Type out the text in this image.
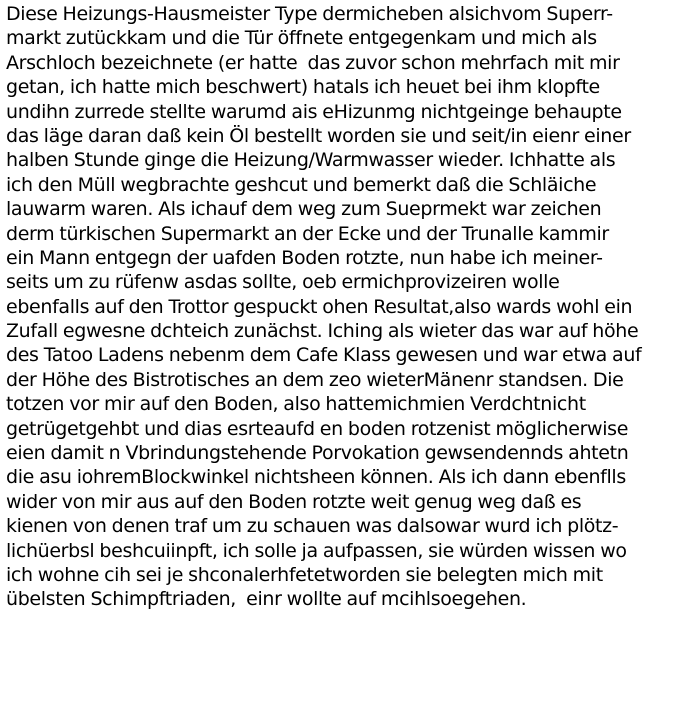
Diese Heizungs-Hausmeister Type dermicheben alsichvom Superr-
markt zutückkam und die Tür öffnete entgegenkam und mich als
Arschloch bezeichnete (er hatte  das zuvor schon mehrfach mit mir
getan, ich hatte mich beschwert) hatals ich heuet bei ihm klopfte
undihn zurrede stellte warumd ais eHizunmg nichtgeinge behaupte
das läge daran daß kein Öl bestellt worden sie und seit/in eienr einer
halben Stunde ginge die Heizung/Warmwasser wieder. Ichhatte als
ich den Müll wegbrachte geshcut und bemerkt daß die Schläiche
lauwarm waren. Als ichauf dem weg zum Sueprmekt war zeichen
derm türkischen Supermarkt an der Ecke und der Trunalle kammir
ein Mann entgegn der uafden Boden rotzte, nun habe ich meiner-
seits um zu rüfenw asdas sollte, oeb ermichprovizeiren wolle
ebenfalls auf den Trottor gespuckt ohen Resultat,also wards wohl ein
Zufall egwesne dchteich zunächst. Iching als wieter das war auf höhe
des Tatoo Ladens nebenm dem Cafe Klass gewesen und war etwa auf
der Höhe des Bistrotisches an dem zeo wieterMänenr standsen. Die
totzen vor mir auf den Boden, also hattemichmien Verdchtnicht
getrügetgehbt und dias esrteaufd en boden rotzenist möglicherwise
eien damit n Vbrindungstehende Porvokation gewsendennds ahtetn
die asu iohremBlockwinkel nichtsheen können. Als ich dann ebenflls
wider von mir aus auf den Boden rotzte weit genug weg daß es
kienen von denen traf um zu schauen was dalsowar wurd ich plötz-
lichüerbsl beshcuiinpft, ich solle ja aufpassen, sie würden wissen wo
ich wohne cih sei je shconalerhfetetworden sie belegten mich mit
übelsten Schimpftriaden,  einr wollte auf mcihlsoegehen.
